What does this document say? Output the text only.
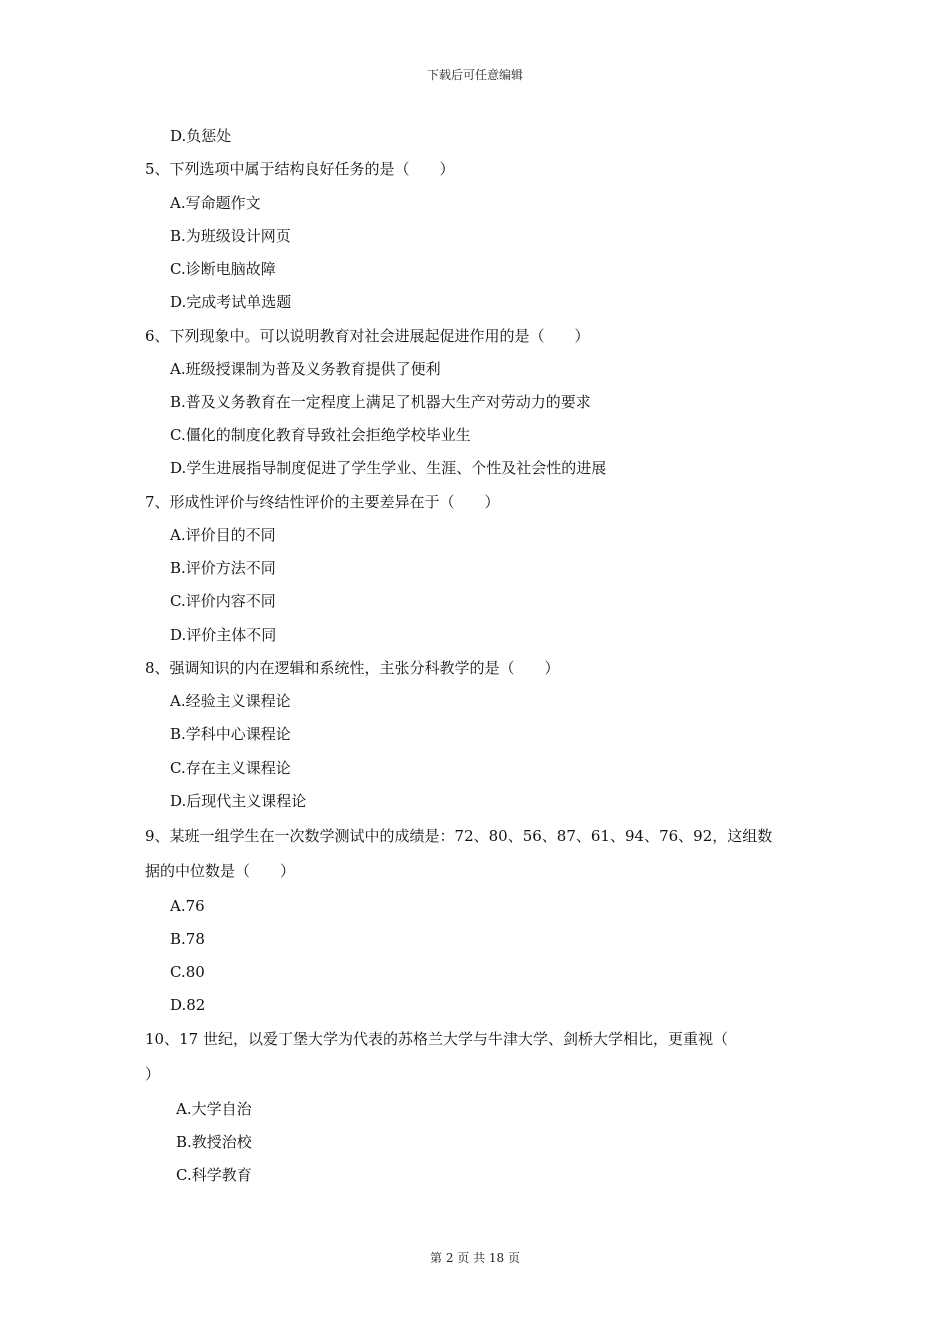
下载后可任意编辑
D.负惩处
5、下列选项中属于结构良好任务的是（　　）
A.写命题作文
B.为班级设计网页
C.诊断电脑故障
D.完成考试单选题
6、下列现象中。可以说明教育对社会进展起促进作用的是（　　）
A.班级授课制为普及义务教育提供了便利
B.普及义务教育在一定程度上满足了机器大生产对劳动力的要求
C.僵化的制度化教育导致社会拒绝学校毕业生
D.学生进展指导制度促进了学生学业、生涯、个性及社会性的进展
7、形成性评价与终结性评价的主要差异在于（　　）
A.评价目的不同
B.评价方法不同
C.评价内容不同
D.评价主体不同
8、强调知识的内在逻辑和系统性，主张分科教学的是（　　）
A.经验主义课程论
B.学科中心课程论
C.存在主义课程论
D.后现代主义课程论
9、某班一组学生在一次数学测试中的成绩是：72、80、56、87、61、94、76、92，这组数
据的中位数是（　　）
A.76
B.78
C.80
D.82
10、17 世纪，以爱丁堡大学为代表的苏格兰大学与牛津大学、剑桥大学相比，更重视（
）
A.大学自治
B.教授治校
C.科学教育
第 2 页 共 18 页
